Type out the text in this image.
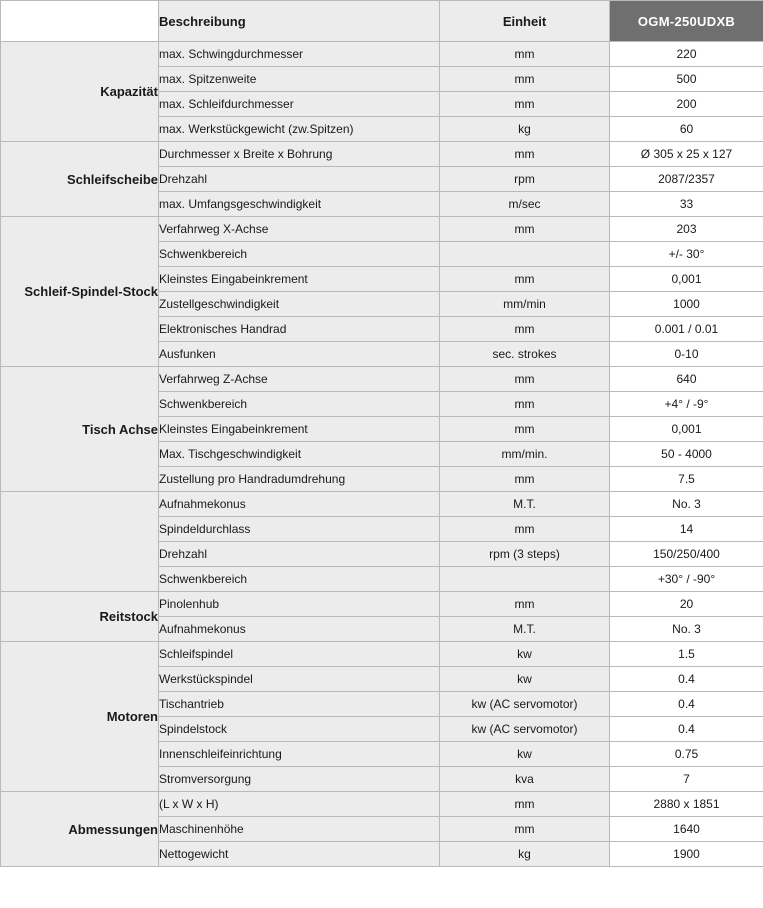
	Beschreibung	Einheit	OGM-250UDXB
Kapazität	max. Schwingdurchmesser	mm	220
	max. Spitzenweite	mm	500
	max. Schleifdurchmesser	mm	200
	max. Werkstückgewicht (zw.Spitzen)	kg	60
Schleifscheibe	Durchmesser x Breite x Bohrung	mm	Ø 305 x 25 x 127
	Drehzahl	rpm	2087/2357
	max. Umfangsgeschwindigkeit	m/sec	33
Schleif-Spindel-Stock	Verfahrweg X-Achse	mm	203
	Schwenkbereich		+/- 30°
	Kleinstes Eingabeinkrement	mm	0,001
	Zustellgeschwindigkeit	mm/min	1000
	Elektronisches Handrad	mm	0.001 / 0.01
	Ausfunken	sec. strokes	0-10
Tisch Achse	Verfahrweg Z-Achse	mm	640
	Schwenkbereich	mm	+4° / -9°
	Kleinstes Eingabeinkrement	mm	0,001
	Max. Tischgeschwindigkeit	mm/min.	50 - 4000
	Zustellung pro Handradumdrehung	mm	7.5
	Aufnahmekonus	M.T.	No. 3
	Spindeldurchlass	mm	14
	Drehzahl	rpm (3 steps)	150/250/400
	Schwenkbereich		+30° / -90°
Reitstock	Pinolenhub	mm	20
	Aufnahmekonus	M.T.	No. 3
Motoren	Schleifspindel	kw	1.5
	Werkstückspindel	kw	0.4
	Tischantrieb	kw (AC servomotor)	0.4
	Spindelstock	kw (AC servomotor)	0.4
	Innenschleifeinrichtung	kw	0.75
	Stromversorgung	kva	7
Abmessungen	(L x W x H)	mm	2880 x 1851
	Maschinenhöhe	mm	1640
	Nettogewicht	kg	1900
